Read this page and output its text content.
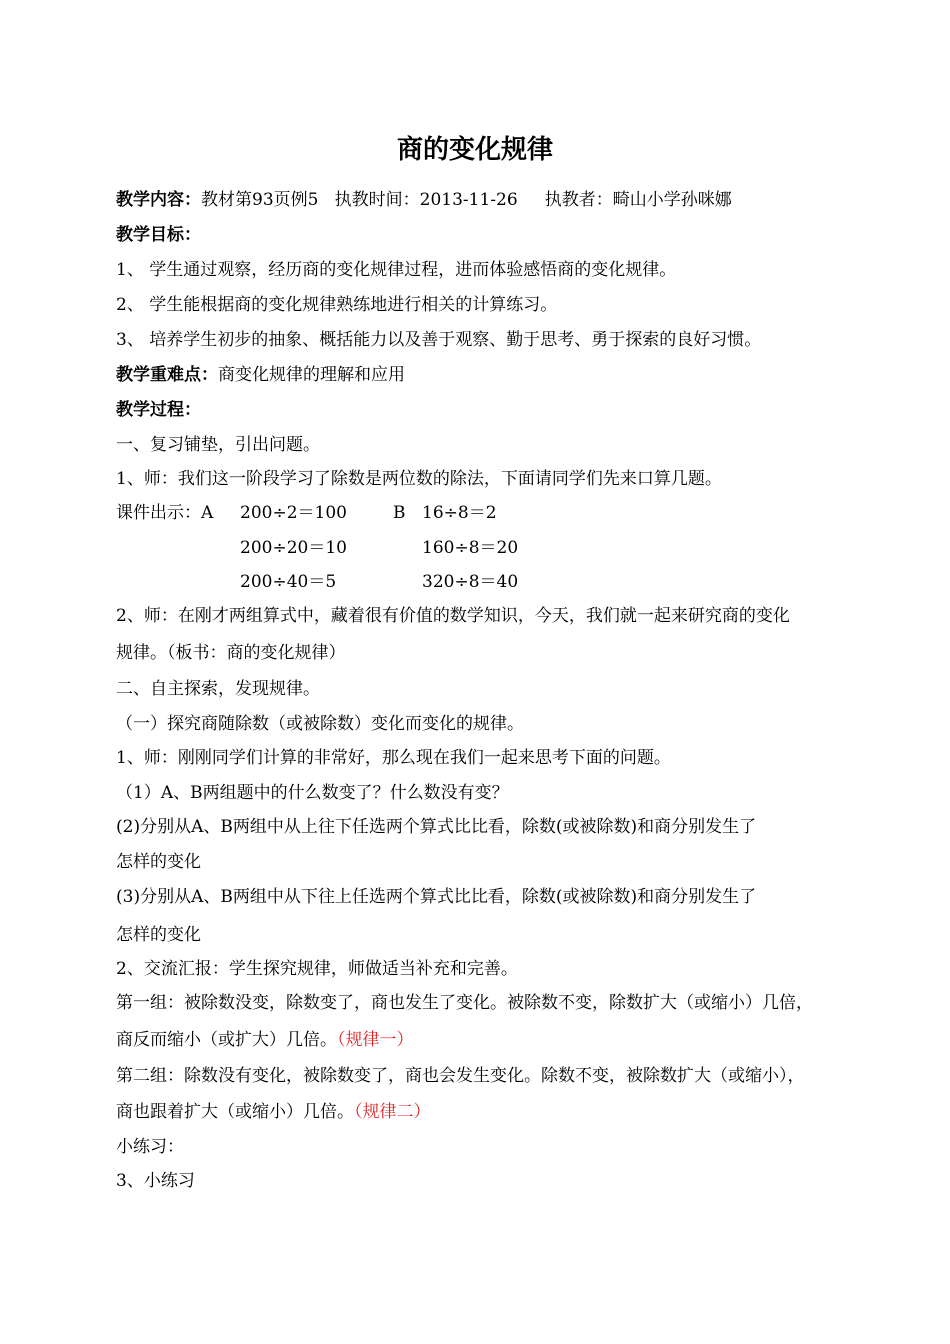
商的变化规律
教学内容：教材第93页例5 执教时间：2013-11-26 执教者：畸山小学孙咪娜
教学目标：
1、 学生通过观察，经历商的变化规律过程，进而体验感悟商的变化规律。
2、 学生能根据商的变化规律熟练地进行相关的计算练习。
3、 培养学生初步的抽象、概括能力以及善于观察、勤于思考、勇于探索的良好习惯。
教学重难点：商变化规律的理解和应用
教学过程：
一、复习铺垫，引出问题。
1、师：我们这一阶段学习了除数是两位数的除法，下面请同学们先来口算几题。
课件出示：A 200÷2＝100
200÷20＝10
200÷40＝5
B 16÷8＝2
160÷8＝20
320÷8＝40
2、师：在刚才两组算式中，藏着很有价值的数学知识，今天，我们就一起来研究商的变化
规律。（板书：商的变化规律）
二、自主探索，发现规律。
（一）探究商随除数（或被除数）变化而变化的规律。
1、师：刚刚同学们计算的非常好，那么现在我们一起来思考下面的问题。
（1）A、B两组题中的什么数变了？什么数没有变？
(2)分别从A、B两组中从上往下任选两个算式比比看，除数(或被除数)和商分别发生了
怎样的变化
(3)分别从A、B两组中从下往上任选两个算式比比看，除数(或被除数)和商分别发生了
怎样的变化
2、交流汇报：学生探究规律，师做适当补充和完善。
第一组：被除数没变，除数变了，商也发生了变化。被除数不变，除数扩大（或缩小）几倍，
商反而缩小（或扩大）几倍。（规律一）
第二组：除数没有变化，被除数变了，商也会发生变化。除数不变，被除数扩大（或缩小），
商也跟着扩大（或缩小）几倍。（规律二）
小练习：
3、小练习
